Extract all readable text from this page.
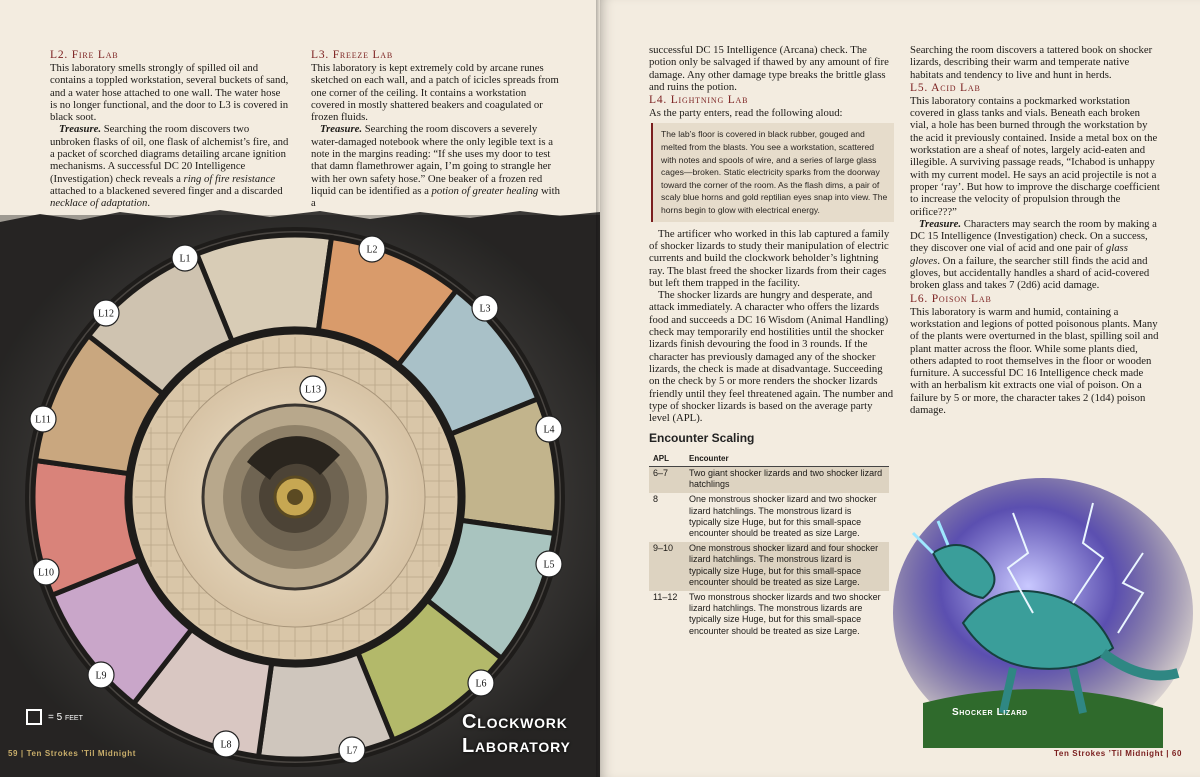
L2. Fire Lab

This laboratory smells strongly of spilled oil and contains a toppled workstation, several buckets of sand, and a water hose attached to one wall. The water hose is no longer functional, and the door to L3 is covered in black soot.

Treasure. Searching the room discovers two unbroken flasks of oil, one flask of alchemist’s fire, and a packet of scorched diagrams detailing arcane ignition mechanisms. A successful DC 20 Intelligence (Investigation) check reveals a ring of fire resistance attached to a blackened severed finger and a discarded necklace of adaptation.

L3. Freeze Lab

This laboratory is kept extremely cold by arcane runes sketched on each wall, and a patch of icicles spreads from one corner of the ceiling. It contains a workstation covered in mostly shattered beakers and coagulated or frozen fluids.

Treasure. Searching the room discovers a severely water-damaged notebook where the only legible text is a note in the margins reading: “If she uses my door to test that damn flamethrower again, I’m going to strangle her with her own safety hose.” One beaker of a frozen red liquid can be identified as a potion of greater healing with a

L1
L2
L3
L4
L5
L6
L7
L8
L9
L10
L11
L12
L13
= 5 feet	Clockwork
Laboratory
59 | Ten Strokes ’Til Midnight

successful DC 15 Intelligence (Arcana) check. The potion only be salvaged if thawed by any amount of fire damage. Any other damage type breaks the brittle glass and ruins the potion.

L4. Lightning Lab

As the party enters, read the following aloud:

The lab’s floor is covered in black rubber, gouged and melted from the blasts. You see a workstation, scattered with notes and spools of wire, and a series of large glass cages—broken. Static electricity sparks from the doorway toward the corner of the room. As the flash dims, a pair of scaly blue horns and gold reptilian eyes snap into view. The horns begin to glow with electrical energy.

The artificer who worked in this lab captured a family of shocker lizards to study their manipulation of electric currents and build the clockwork beholder’s lightning ray. The blast freed the shocker lizards from their cages but left them trapped in the facility.

The shocker lizards are hungry and desperate, and attack immediately. A character who offers the lizards food and succeeds a DC 16 Wisdom (Animal Handling) check may temporarily end hostilities until the shocker lizards finish devouring the food in 3 rounds. If the character has previously damaged any of the shocker lizards, the check is made at disadvantage. Succeeding on the check by 5 or more renders the shocker lizards friendly until they feel threatened again. The number and type of shocker lizards is based on the average party level (APL).

Encounter Scaling
APL	Encounter
6–7	Two giant shocker lizards and two shocker lizard hatchlings
8	One monstrous shocker lizard and two shocker lizard hatchlings. The monstrous lizard is typically size Huge, but for this small-space encounter should be treated as size Large.
9–10	One monstrous shocker lizard and four shocker lizard hatchlings. The monstrous lizard is typically size Huge, but for this small-space encounter should be treated as size Large.
11–12	Two monstrous shocker lizards and two shocker lizard hatchlings. The monstrous lizards are typically size Huge, but for this small-space encounter should be treated as size Large.

Searching the room discovers a tattered book on shocker lizards, describing their warm and temperate native habitats and tendency to live and hunt in herds.

L5. Acid Lab

This laboratory contains a pockmarked workstation covered in glass tanks and vials. Beneath each broken vial, a hole has been burned through the workstation by the acid it previously contained. Inside a metal box on the workstation are a sheaf of notes, largely acid-eaten and illegible. A surviving passage reads, “Ichabod is unhappy with my current model. He says an acid projectile is not a proper ‘ray’. But how to improve the discharge coefficient to increase the velocity of propulsion through the orifice???”

Treasure. Characters may search the room by making a DC 15 Intelligence (Investigation) check. On a success, they discover one vial of acid and one pair of glass gloves. On a failure, the searcher still finds the acid and gloves, but accidentally handles a shard of acid-covered broken glass and takes 7 (2d6) acid damage.

L6. Poison Lab

This laboratory is warm and humid, containing a workstation and legions of potted poisonous plants. Many of the plants were overturned in the blast, spilling soil and plant matter across the floor. While some plants died, others adapted to root themselves in the floor or wooden furniture. A successful DC 16 Intelligence check made with an herbalism kit extracts one vial of poison. On a failure by 5 or more, the character takes 2 (1d4) poison damage.

Ten Strokes ’Til Midnight | 60
Shocker Lizard
